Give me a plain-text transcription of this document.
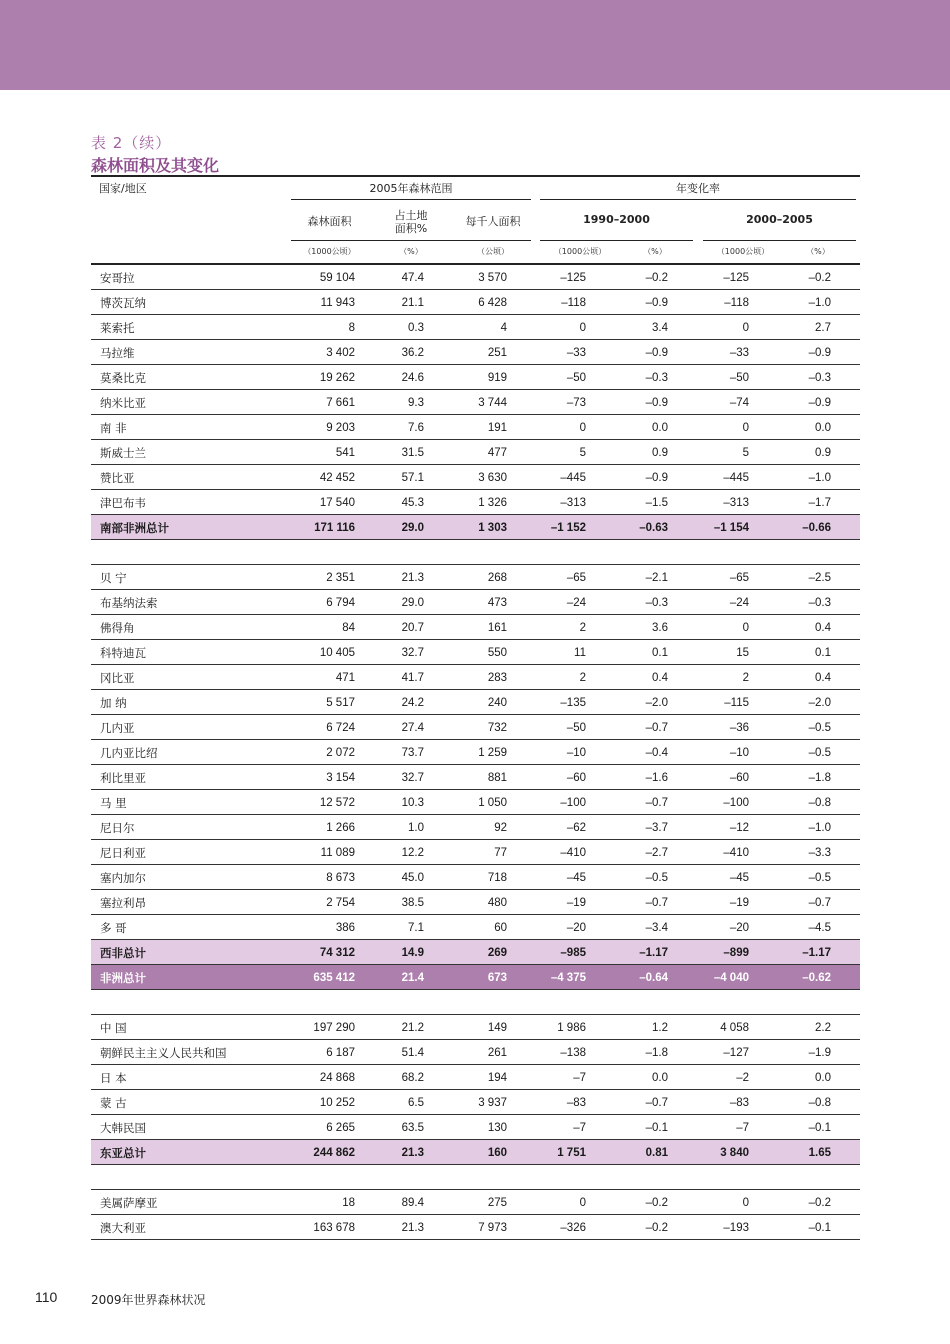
表 2（续）
森林面积及其变化
国家/地区	2005年森林范围	年变化率
森林面积	占土地
面积%
每千人面积	1990–2000	2000–2005
（1000公顷）	（%）	（公顷）	（1000公顷）	（%）	（1000公顷）	（%）
安哥拉	59 104	47.4	3 570	–125	–0.2	–125	–0.2
博茨瓦纳	11 943	21.1	6 428	–118	–0.9	–118	–1.0
莱索托	8	0.3	4	0	3.4	0	2.7
马拉维	3 402	36.2	251	–33	–0.9	–33	–0.9
莫桑比克	19 262	24.6	919	–50	–0.3	–50	–0.3
纳米比亚	7 661	9.3	3 744	–73	–0.9	–74	–0.9
南 非	9 203	7.6	191	0	0.0	0	0.0
斯威士兰	541	31.5	477	5	0.9	5	0.9
赞比亚	42 452	57.1	3 630	–445	–0.9	–445	–1.0
津巴布韦	17 540	45.3	1 326	–313	–1.5	–313	–1.7
南部非洲总计	171 116	29.0	1 303	–1 152	–0.63	–1 154	–0.66
贝 宁	2 351	21.3	268	–65	–2.1	–65	–2.5
布基纳法索	6 794	29.0	473	–24	–0.3	–24	–0.3
佛得角	84	20.7	161	2	3.6	0	0.4
科特迪瓦	10 405	32.7	550	11	0.1	15	0.1
冈比亚	471	41.7	283	2	0.4	2	0.4
加 纳	5 517	24.2	240	–135	–2.0	–115	–2.0
几内亚	6 724	27.4	732	–50	–0.7	–36	–0.5
几内亚比绍	2 072	73.7	1 259	–10	–0.4	–10	–0.5
利比里亚	3 154	32.7	881	–60	–1.6	–60	–1.8
马 里	12 572	10.3	1 050	–100	–0.7	–100	–0.8
尼日尔	1 266	1.0	92	–62	–3.7	–12	–1.0
尼日利亚	11 089	12.2	77	–410	–2.7	–410	–3.3
塞内加尔	8 673	45.0	718	–45	–0.5	–45	–0.5
塞拉利昂	2 754	38.5	480	–19	–0.7	–19	–0.7
多 哥	386	7.1	60	–20	–3.4	–20	–4.5
西非总计	74 312	14.9	269	–985	–1.17	–899	–1.17
非洲总计	635 412	21.4	673	–4 375	–0.64	–4 040	–0.62
中 国	197 290	21.2	149	1 986	1.2	4 058	2.2
朝鲜民主主义人民共和国	6 187	51.4	261	–138	–1.8	–127	–1.9
日 本	24 868	68.2	194	–7	0.0	–2	0.0
蒙 古	10 252	6.5	3 937	–83	–0.7	–83	–0.8
大韩民国	6 265	63.5	130	–7	–0.1	–7	–0.1
东亚总计	244 862	21.3	160	1 751	0.81	3 840	1.65
美属萨摩亚	18	89.4	275	0	–0.2	0	–0.2
澳大利亚	163 678	21.3	7 973	–326	–0.2	–193	–0.1
110	2009年世界森林状况
